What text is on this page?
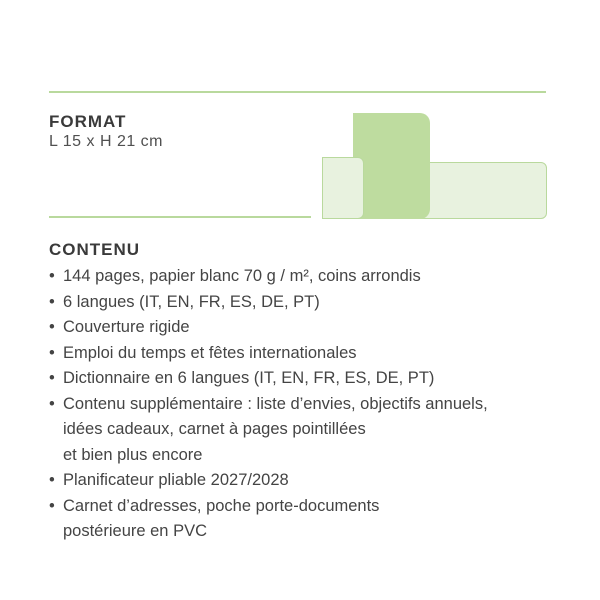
FORMAT
L 15 x H 21 cm
CONTENU
• 144 pages, papier blanc 70 g / m², coins arrondis
• 6 langues (IT, EN, FR, ES, DE, PT)
• Couverture rigide
• Emploi du temps et fêtes internationales
• Dictionnaire en 6 langues (IT, EN, FR, ES, DE, PT)
• Contenu supplémentaire : liste d’envies, objectifs annuels,
idées cadeaux, carnet à pages pointillées
et bien plus encore
• Planificateur pliable 2027/2028
• Carnet d’adresses, poche porte-documents
postérieure en PVC
